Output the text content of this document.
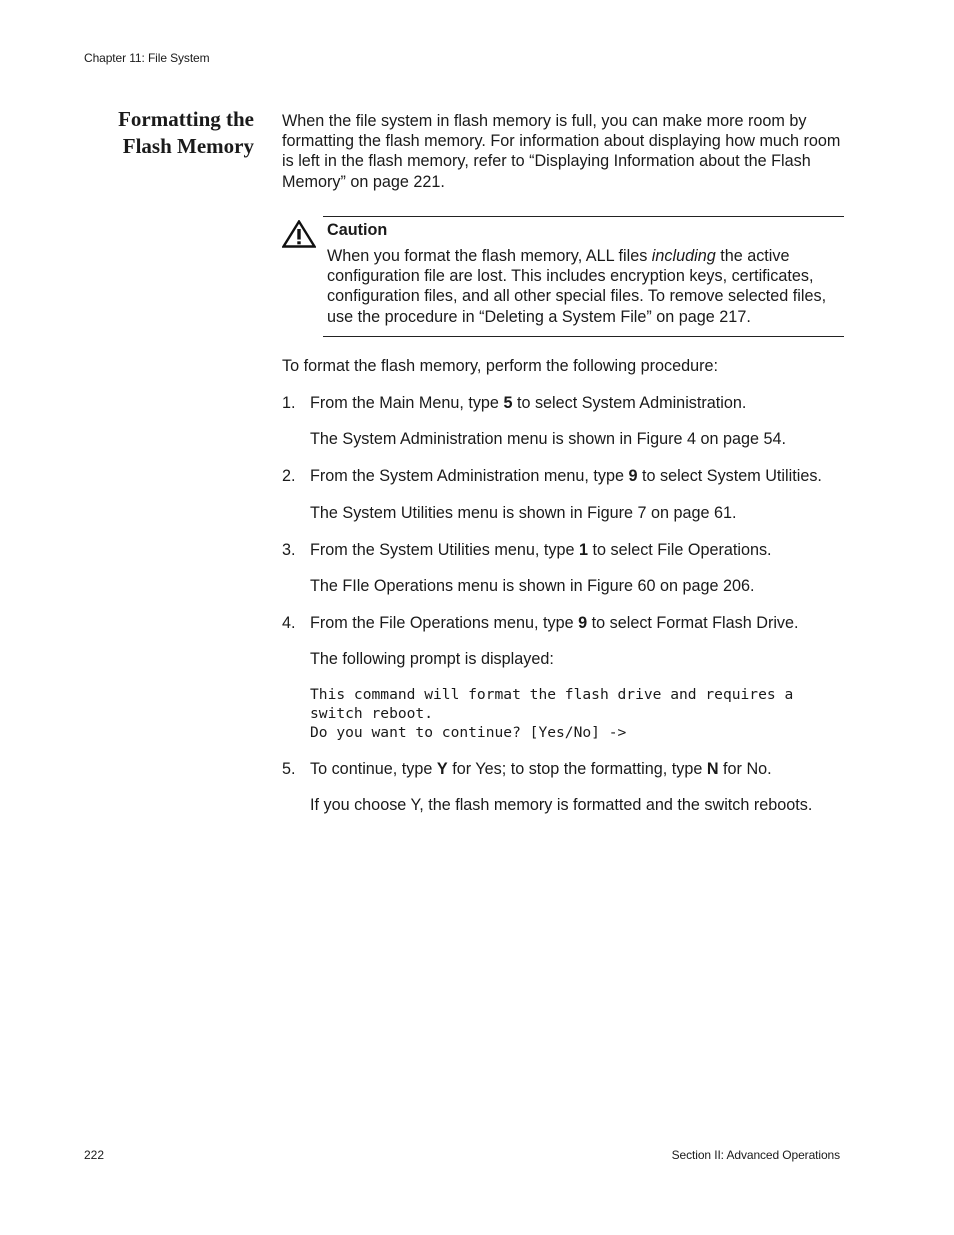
Chapter 11: File System
Formatting the
Flash Memory

When the file system in flash memory is full, you can make more room by formatting the flash memory. For information about displaying how much room is left in the flash memory, refer to “Displaying Information about the Flash Memory” on page 221.

Caution
When you format the flash memory, ALL files including the active configuration file are lost. This includes encryption keys, certificates, configuration files, and all other special files. To remove selected files, use the procedure in “Deleting a System File” on page 217.

To format the flash memory, perform the following procedure:

1. From the Main Menu, type 5 to select System Administration.
The System Administration menu is shown in Figure 4 on page 54.
2. From the System Administration menu, type 9 to select System Utilities.
The System Utilities menu is shown in Figure 7 on page 61.
3. From the System Utilities menu, type 1 to select File Operations.
The FIle Operations menu is shown in Figure 60 on page 206.
4. From the File Operations menu, type 9 to select Format Flash Drive.
The following prompt is displayed:
This command will format the flash drive and requires a
switch reboot.
Do you want to continue? [Yes/No] ->
5. To continue, type Y for Yes; to stop the formatting, type N for No.
If you choose Y, the flash memory is formatted and the switch reboots.
222	Section II: Advanced Operations
